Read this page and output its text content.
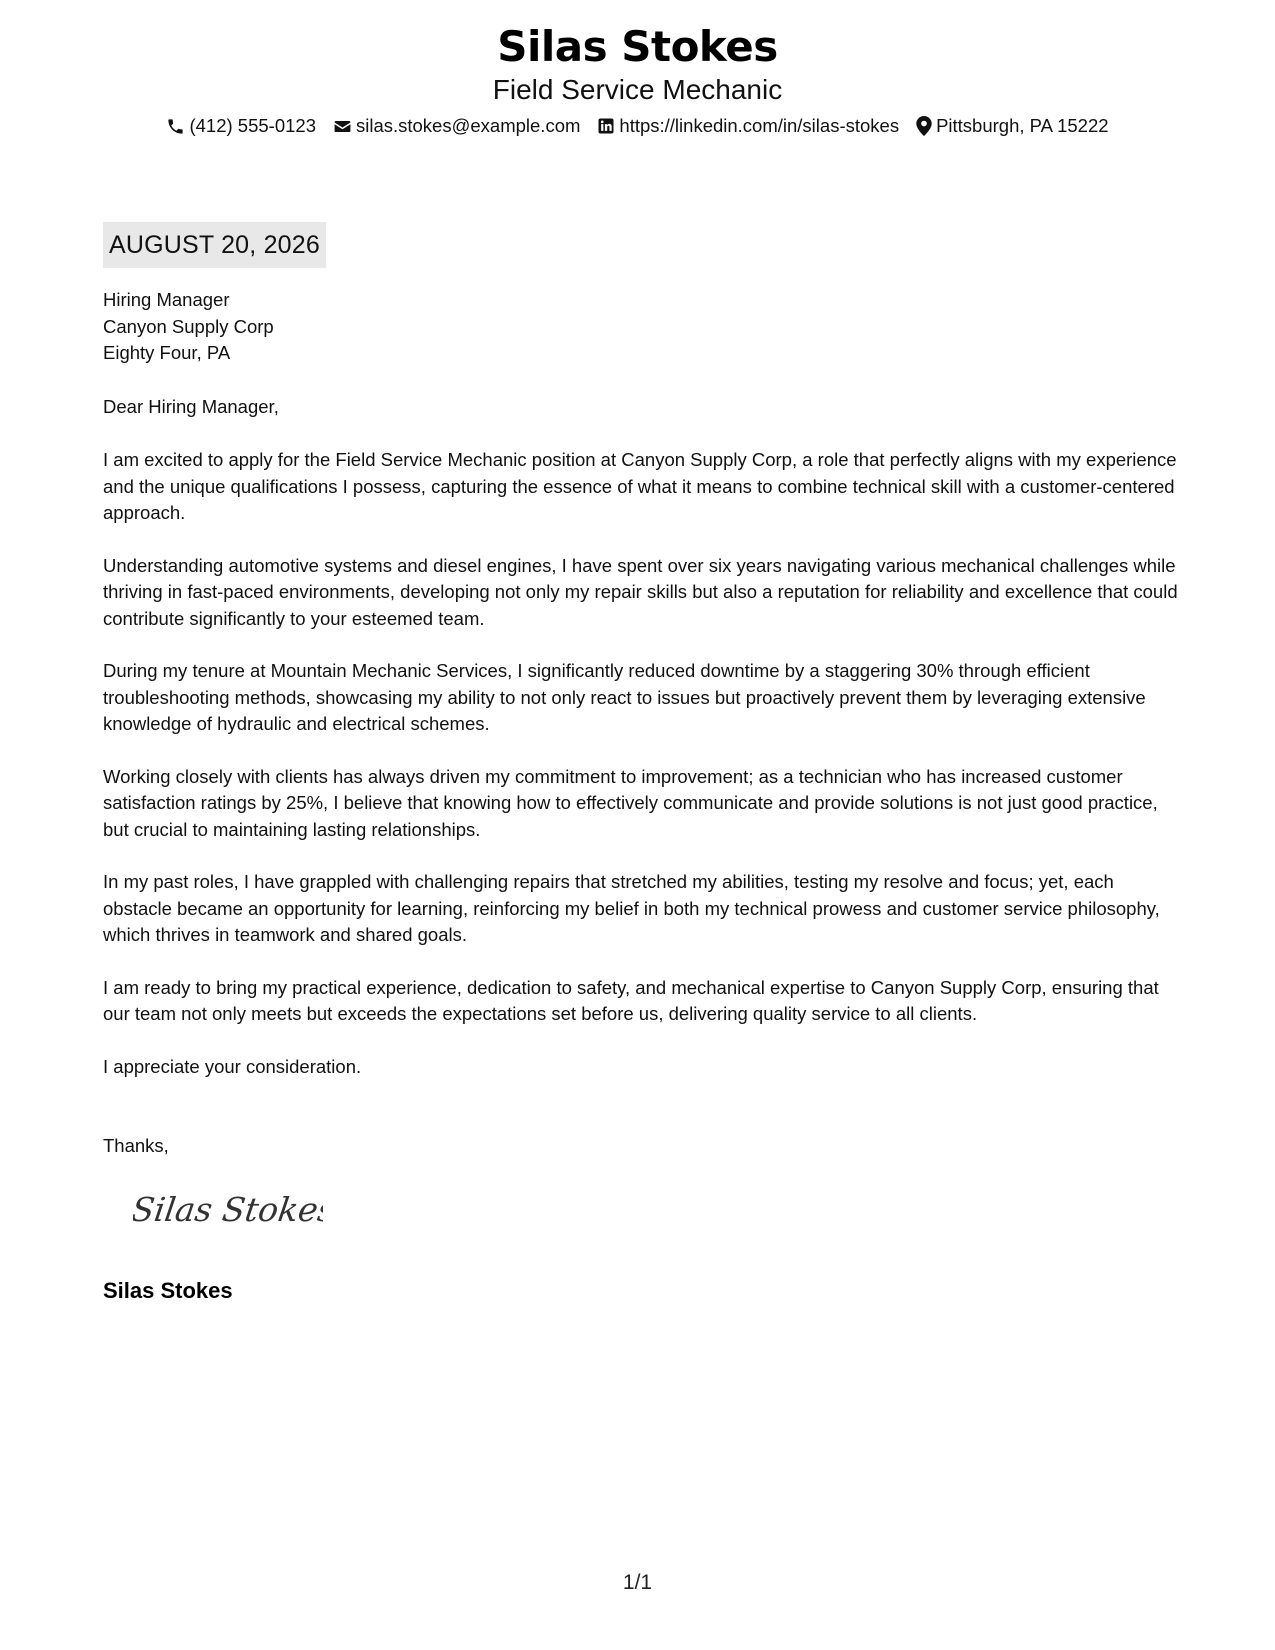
Silas Stokes
Field Service Mechanic
(412) 555-0123 silas.stokes@example.com https://linkedin.com/in/silas-stokes Pittsburgh, PA 15222
AUGUST 20, 2026
Hiring Manager
Canyon Supply Corp
Eighty Four, PA
Dear Hiring Manager,

I am excited to apply for the Field Service Mechanic position at Canyon Supply Corp, a role that perfectly aligns with my experience and the unique qualifications I possess, capturing the essence of what it means to combine technical skill with a customer-centered approach.

Understanding automotive systems and diesel engines, I have spent over six years navigating various mechanical challenges while thriving in fast-paced environments, developing not only my repair skills but also a reputation for reliability and excellence that could contribute significantly to your esteemed team.

During my tenure at Mountain Mechanic Services, I significantly reduced downtime by a staggering 30% through efficient troubleshooting methods, showcasing my ability to not only react to issues but proactively prevent them by leveraging extensive knowledge of hydraulic and electrical schemes.

Working closely with clients has always driven my commitment to improvement; as a technician who has increased customer satisfaction ratings by 25%, I believe that knowing how to effectively communicate and provide solutions is not just good practice, but crucial to maintaining lasting relationships.

In my past roles, I have grappled with challenging repairs that stretched my abilities, testing my resolve and focus; yet, each obstacle became an opportunity for learning, reinforcing my belief in both my technical prowess and customer service philosophy, which thrives in teamwork and shared goals.

I am ready to bring my practical experience, dedication to safety, and mechanical expertise to Canyon Supply Corp, ensuring that our team not only meets but exceeds the expectations set before us, delivering quality service to all clients.

I appreciate your consideration.

Thanks,
Silas Stokes
Silas Stokes
1/1
